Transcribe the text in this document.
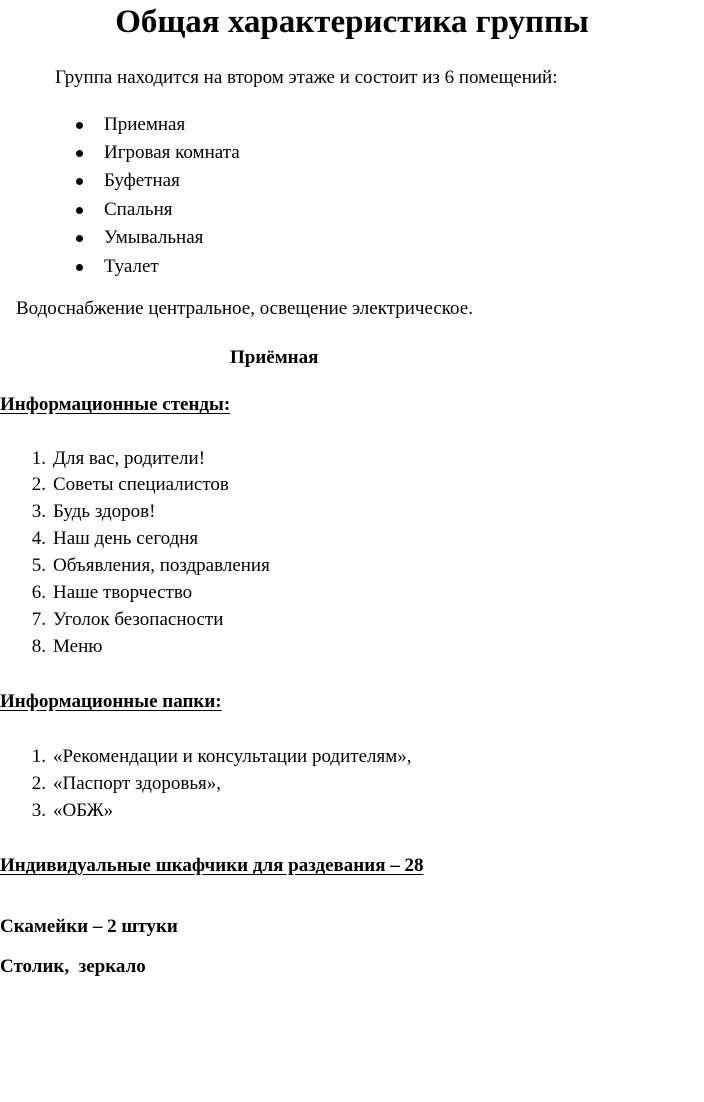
Общая характеристика группы
Группа находится на втором этаже и состоит из 6 помещений:
Приемная
Игровая комната
Буфетная
Спальня
Умывальная
Туалет
Водоснабжение центральное, освещение электрическое.
Приёмная
Информационные стенды:
1. Для вас, родители!
2. Советы специалистов
3. Будь здоров!
4. Наш день сегодня
5. Объявления, поздравления
6. Наше творчество
7. Уголок безопасности
8. Меню
Информационные папки:
1. «Рекомендации и консультации родителям»,
2. «Паспорт здоровья»,
3. «ОБЖ»
Индивидуальные шкафчики для раздевания – 28
Скамейки – 2 штуки
Столик,  зеркало
